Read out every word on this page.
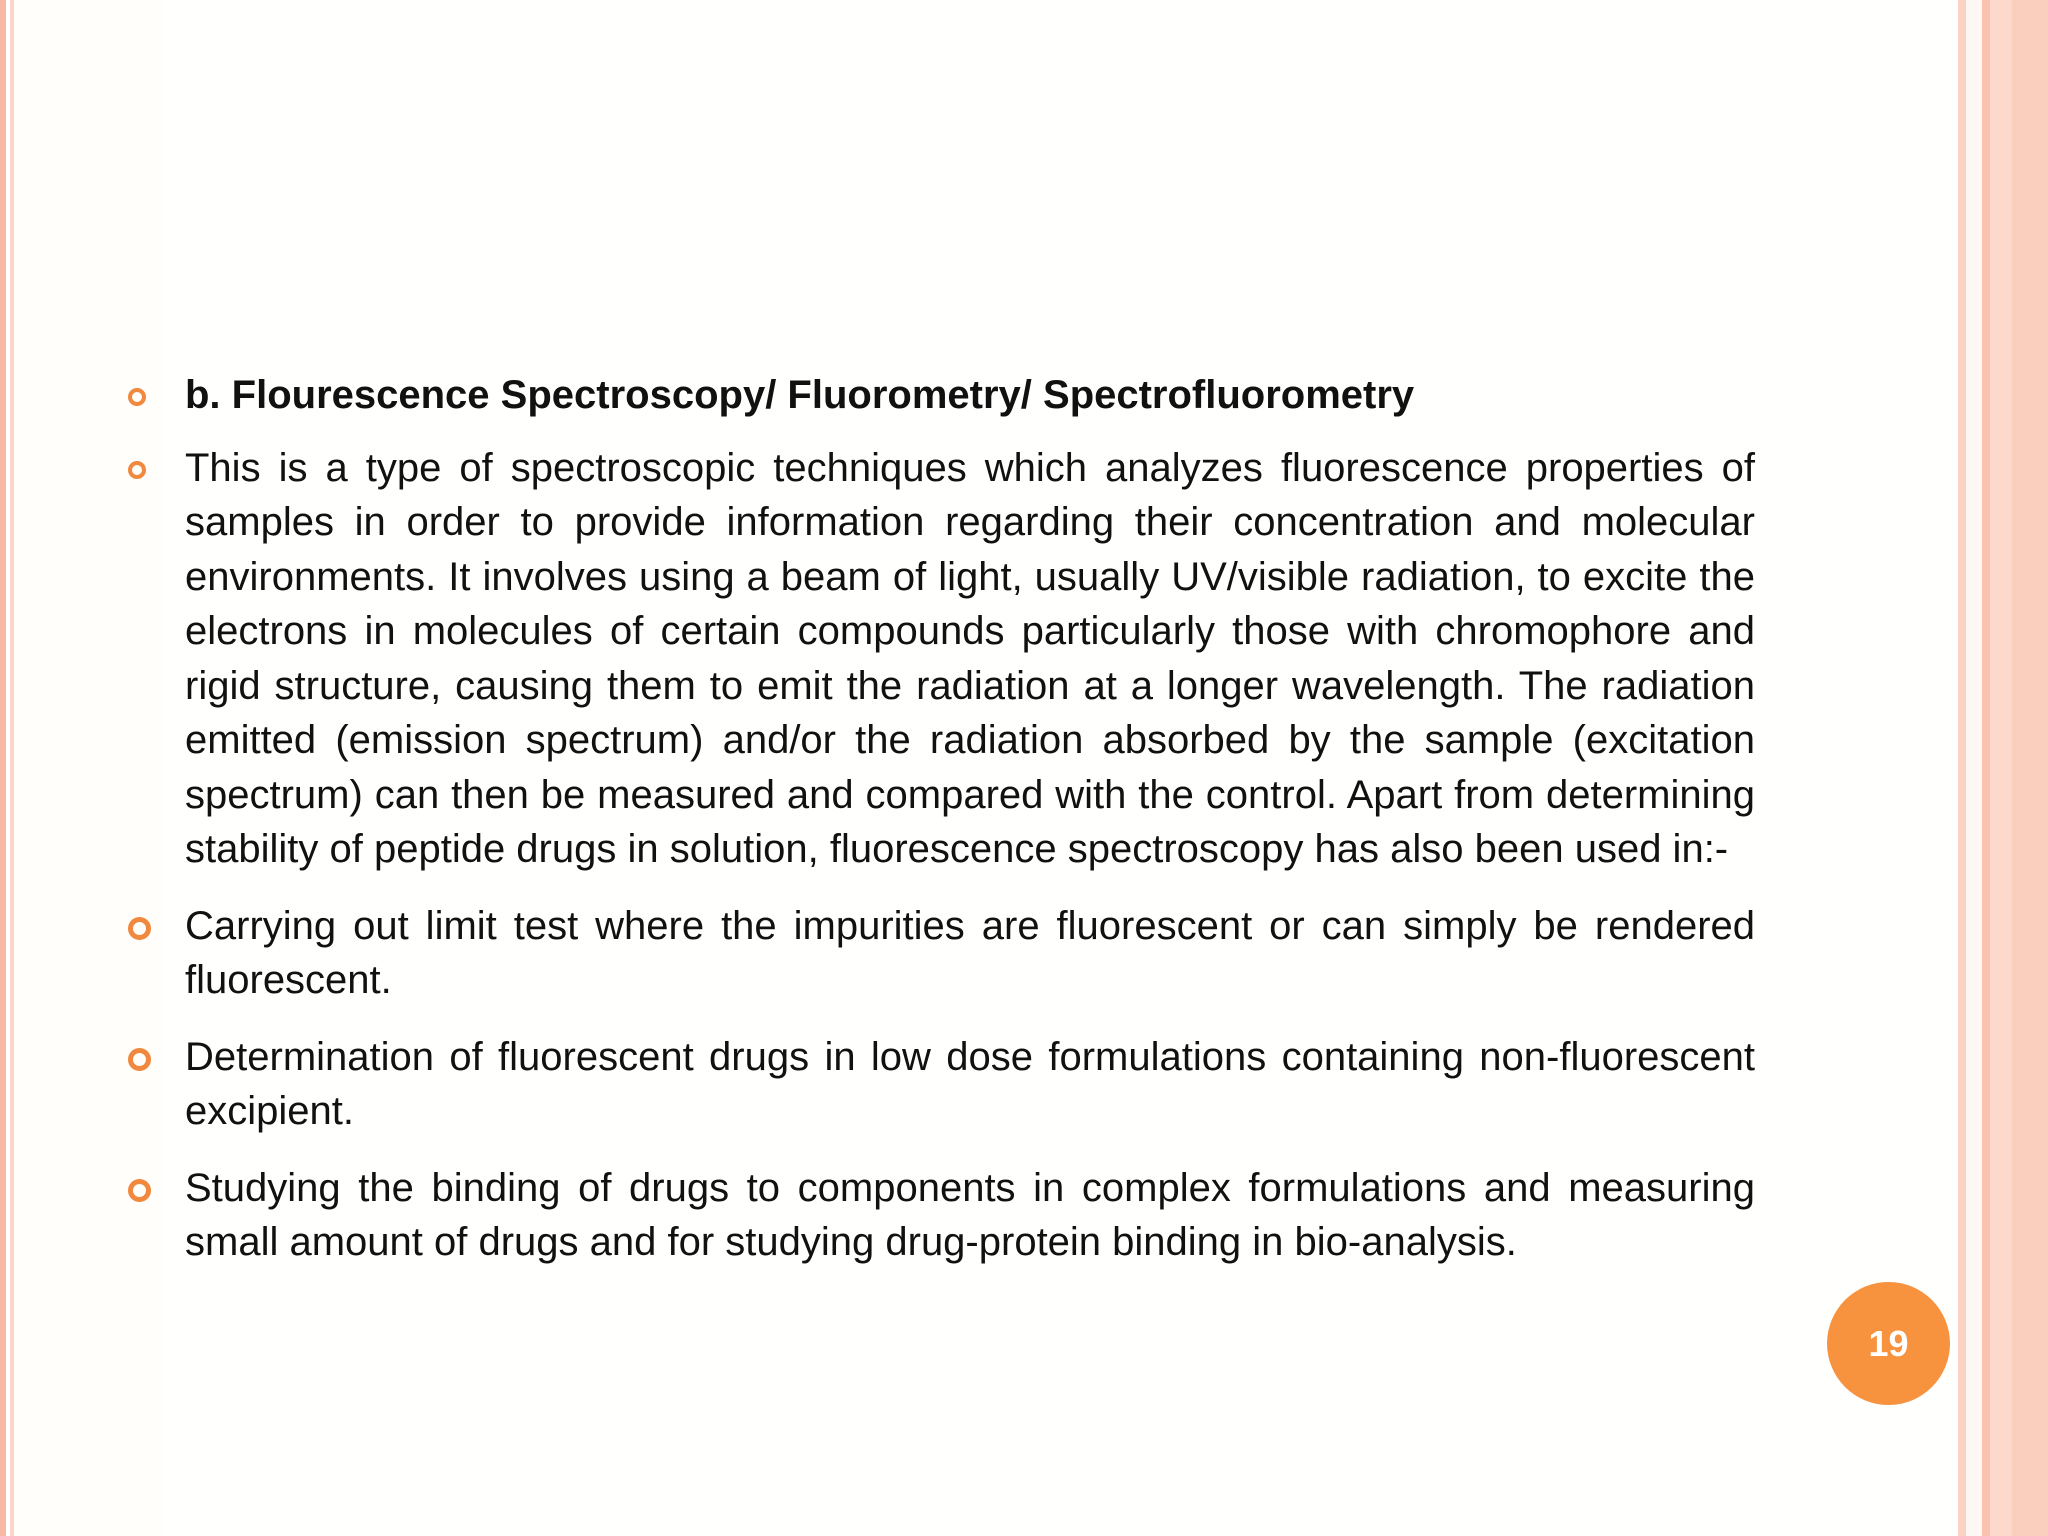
b. Flourescence Spectroscopy/ Fluorometry/ Spectrofluorometry
This is a type of spectroscopic techniques which analyzes fluorescence properties of samples in order to provide information regarding their concentration and molecular environments. It involves using a beam of light, usually UV/visible radiation, to excite the electrons in molecules of certain compounds particularly those with chromophore and rigid structure, causing them to emit the radiation at a longer wavelength. The radiation emitted (emission spectrum) and/or the radiation absorbed by the sample (excitation spectrum) can then be measured and compared with the control. Apart from determining stability of peptide drugs in solution, fluorescence spectroscopy has also been used in:-
Carrying out limit test where the impurities are fluorescent or can simply be rendered fluorescent.
Determination of fluorescent drugs in low dose formulations containing non-fluorescent excipient.
Studying the binding of drugs to components in complex formulations and measuring small amount of drugs and for studying drug-protein binding in bio-analysis.
19
